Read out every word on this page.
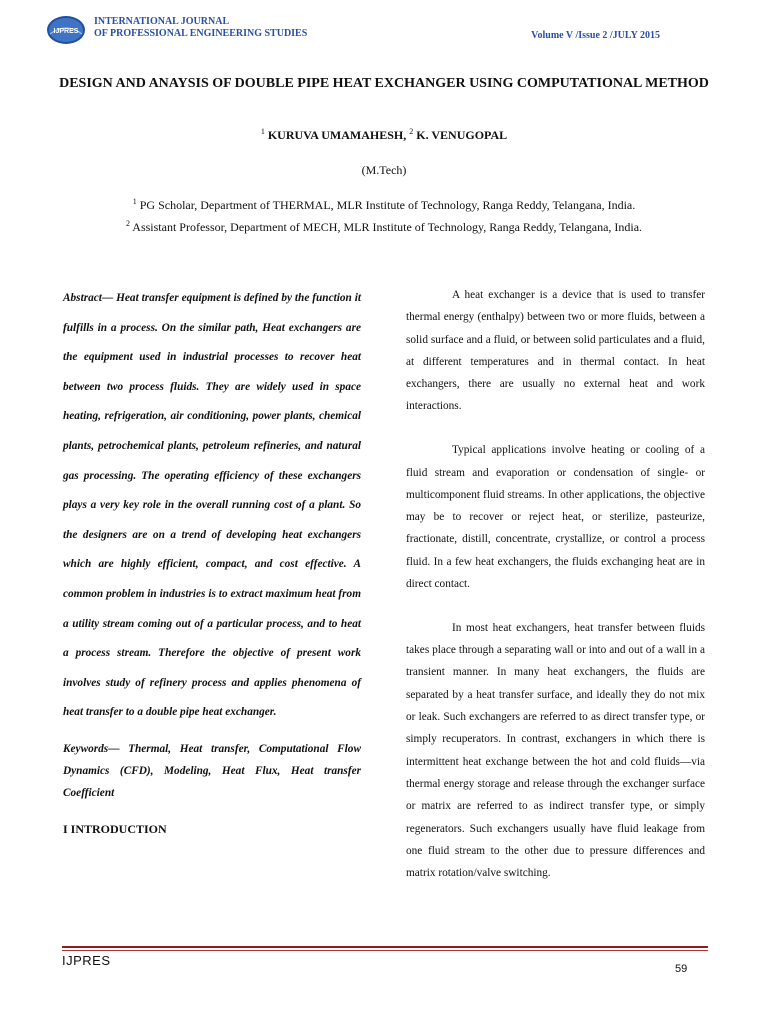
IJPRES
INTERNATIONAL JOURNAL
OF PROFESSIONAL ENGINEERING STUDIES	Volume V /Issue 2 /JULY 2015
DESIGN AND ANAYSIS OF DOUBLE PIPE HEAT EXCHANGER USING COMPUTATIONAL METHOD
$^1$ KURUVA UMAMAHESH, $^2$ K. VENUGOPAL
(M.Tech)
$^1$ PG Scholar, Department of THERMAL, MLR Institute of Technology, Ranga Reddy, Telangana, India.
$^2$ Assistant Professor, Department of MECH, MLR Institute of Technology, Ranga Reddy, Telangana, India.

Abstract— Heat transfer equipment is defined by the function it fulfills in a process. On the similar path, Heat exchangers are the equipment used in industrial processes to recover heat between two process fluids. They are widely used in space heating, refrigeration, air conditioning, power plants, chemical plants, petrochemical plants, petroleum refineries, and natural gas processing. The operating efficiency of these exchangers plays a very key role in the overall running cost of a plant. So the designers are on a trend of developing heat exchangers which are highly efficient, compact, and cost effective. A common problem in industries is to extract maximum heat from a utility stream coming out of a particular process, and to heat a process stream. Therefore the objective of present work involves study of refinery process and applies phenomena of heat transfer to a double pipe heat exchanger.

Keywords— Thermal, Heat transfer, Computational Flow Dynamics (CFD), Modeling, Heat Flux, Heat transfer Coefficient

I INTRODUCTION

A heat exchanger is a device that is used to transfer thermal energy (enthalpy) between two or more fluids, between a solid surface and a fluid, or between solid particulates and a fluid, at different temperatures and in thermal contact. In heat exchangers, there are usually no external heat and work interactions.

Typical applications involve heating or cooling of a fluid stream and evaporation or condensation of single- or multicomponent fluid streams. In other applications, the objective may be to recover or reject heat, or sterilize, pasteurize, fractionate, distill, concentrate, crystallize, or control a process fluid. In a few heat exchangers, the fluids exchanging heat are in direct contact.

In most heat exchangers, heat transfer between fluids takes place through a separating wall or into and out of a wall in a transient manner. In many heat exchangers, the fluids are separated by a heat transfer surface, and ideally they do not mix or leak. Such exchangers are referred to as direct transfer type, or simply recuperators. In contrast, exchangers in which there is intermittent heat exchange between the hot and cold fluids—via thermal energy storage and release through the exchanger surface or matrix are referred to as indirect transfer type, or simply regenerators. Such exchangers usually have fluid leakage from one fluid stream to the other due to pressure differences and matrix rotation/valve switching.

IJPRES
59
